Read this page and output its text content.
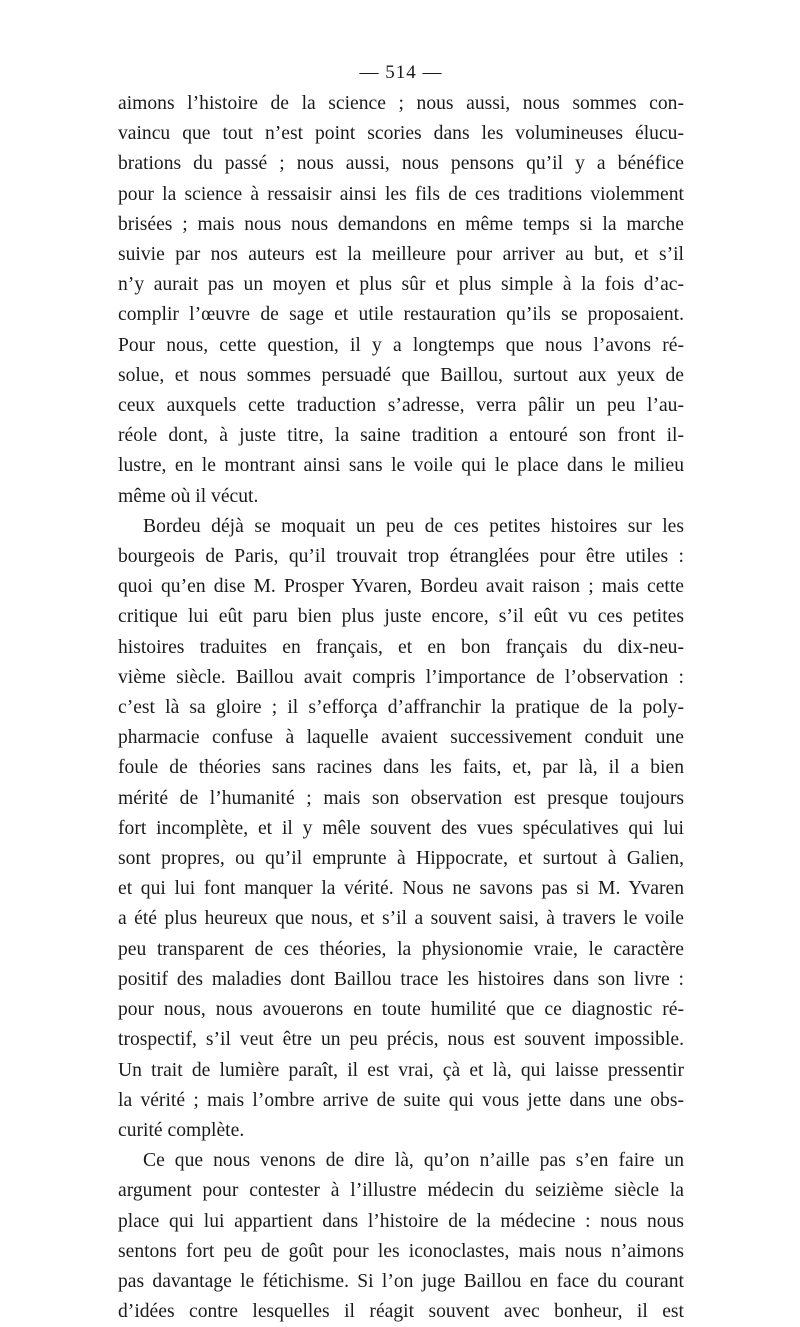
— 514 —
aimons l’histoire de la science ; nous aussi, nous sommes con-
vaincu que tout n’est point scories dans les volumineuses élucu-
brations du passé ; nous aussi, nous pensons qu’il y a bénéfice
pour la science à ressaisir ainsi les fils de ces traditions violemment
brisées ; mais nous nous demandons en même temps si la marche
suivie par nos auteurs est la meilleure pour arriver au but, et s’il
n’y aurait pas un moyen et plus sûr et plus simple à la fois d’ac-
complir l’œuvre de sage et utile restauration qu’ils se proposaient.
Pour nous, cette question, il y a longtemps que nous l’avons ré-
solue, et nous sommes persuadé que Baillou, surtout aux yeux de
ceux auxquels cette traduction s’adresse, verra pâlir un peu l’au-
réole dont, à juste titre, la saine tradition a entouré son front il-
lustre, en le montrant ainsi sans le voile qui le place dans le milieu
même où il vécut.
Bordeu déjà se moquait un peu de ces petites histoires sur les
bourgeois de Paris, qu’il trouvait trop étranglées pour être utiles :
quoi qu’en dise M. Prosper Yvaren, Bordeu avait raison ; mais cette
critique lui eût paru bien plus juste encore, s’il eût vu ces petites
histoires traduites en français, et en bon français du dix-neu-
vième siècle. Baillou avait compris l’importance de l’observation :
c’est là sa gloire ; il s’efforça d’affranchir la pratique de la poly-
pharmacie confuse à laquelle avaient successivement conduit une
foule de théories sans racines dans les faits, et, par là, il a bien
mérité de l’humanité ; mais son observation est presque toujours
fort incomplète, et il y mêle souvent des vues spéculatives qui lui
sont propres, ou qu’il emprunte à Hippocrate, et surtout à Galien,
et qui lui font manquer la vérité. Nous ne savons pas si M. Yvaren
a été plus heureux que nous, et s’il a souvent saisi, à travers le voile
peu transparent de ces théories, la physionomie vraie, le caractère
positif des maladies dont Baillou trace les histoires dans son livre :
pour nous, nous avouerons en toute humilité que ce diagnostic ré-
trospectif, s’il veut être un peu précis, nous est souvent impossible.
Un trait de lumière paraît, il est vrai, çà et là, qui laisse pressentir
la vérité ; mais l’ombre arrive de suite qui vous jette dans une obs-
curité complète.
Ce que nous venons de dire là, qu’on n’aille pas s’en faire un
argument pour contester à l’illustre médecin du seizième siècle la
place qui lui appartient dans l’histoire de la médecine : nous nous
sentons fort peu de goût pour les iconoclastes, mais nous n’aimons
pas davantage le fétichisme. Si l’on juge Baillou en face du courant
d’idées contre lesquelles il réagit souvent avec bonheur, il est
